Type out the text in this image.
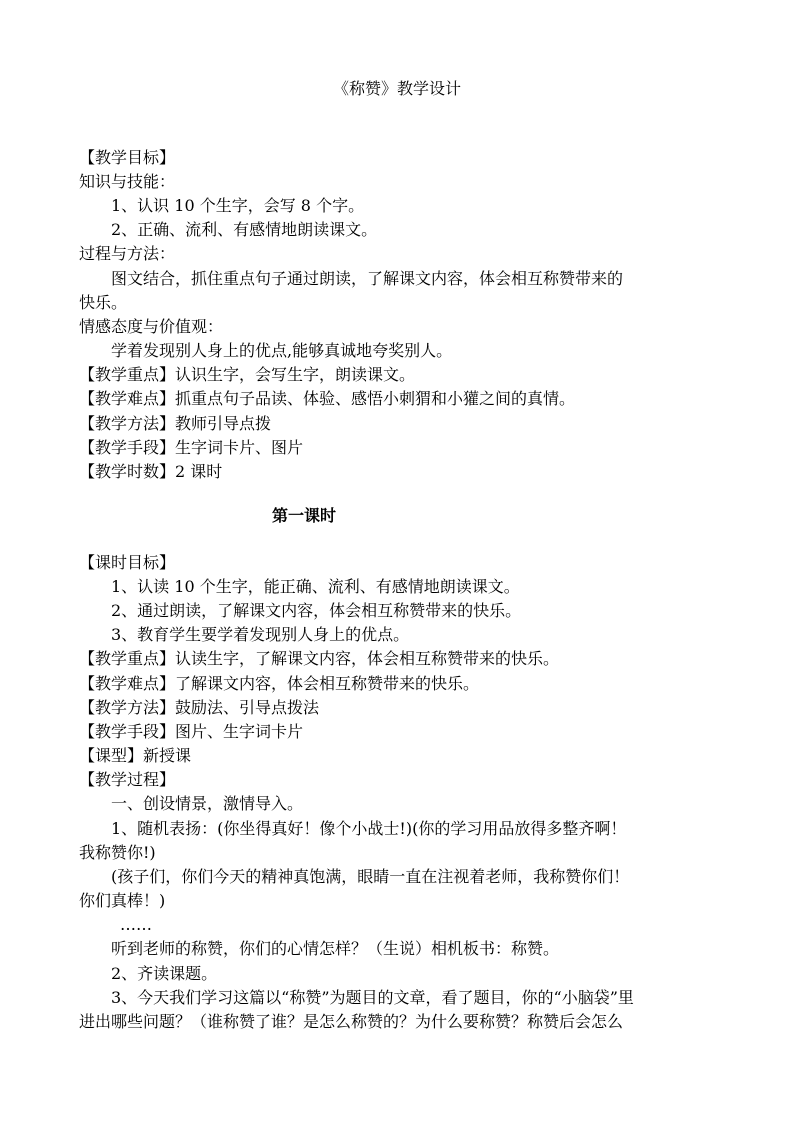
《称赞》教学设计
【教学目标】
知识与技能：
1、认识 10 个生字，会写 8 个字。
2、正确、流利、有感情地朗读课文。
过程与方法：
图文结合，抓住重点句子通过朗读，了解课文内容，体会相互称赞带来的
快乐。
情感态度与价值观：
学着发现别人身上的优点,能够真诚地夸奖别人。
【教学重点】认识生字，会写生字，朗读课文。
【教学难点】抓重点句子品读、体验、感悟小刺猬和小獾之间的真情。
【教学方法】教师引导点拨
【教学手段】生字词卡片、图片
【教学时数】2 课时
第一课时
【课时目标】
1、认读 10 个生字，能正确、流利、有感情地朗读课文。
2、通过朗读，了解课文内容，体会相互称赞带来的快乐。
3、教育学生要学着发现别人身上的优点。
【教学重点】认读生字，了解课文内容，体会相互称赞带来的快乐。
【教学难点】了解课文内容，体会相互称赞带来的快乐。
【教学方法】鼓励法、引导点拨法
【教学手段】图片、生字词卡片
【课型】新授课
【教学过程】
一、创设情景，激情导入。
1、随机表扬：(你坐得真好！像个小战士!)(你的学习用品放得多整齐啊！
我称赞你!)
(孩子们，你们今天的精神真饱满，眼睛一直在注视着老师，我称赞你们！
你们真棒！)
……
听到老师的称赞，你们的心情怎样？（生说）相机板书：称赞。
2、齐读课题。
3、今天我们学习这篇以“称赞”为题目的文章，看了题目，你的“小脑袋”里
进出哪些问题？（谁称赞了谁？是怎么称赞的？为什么要称赞？称赞后会怎么
